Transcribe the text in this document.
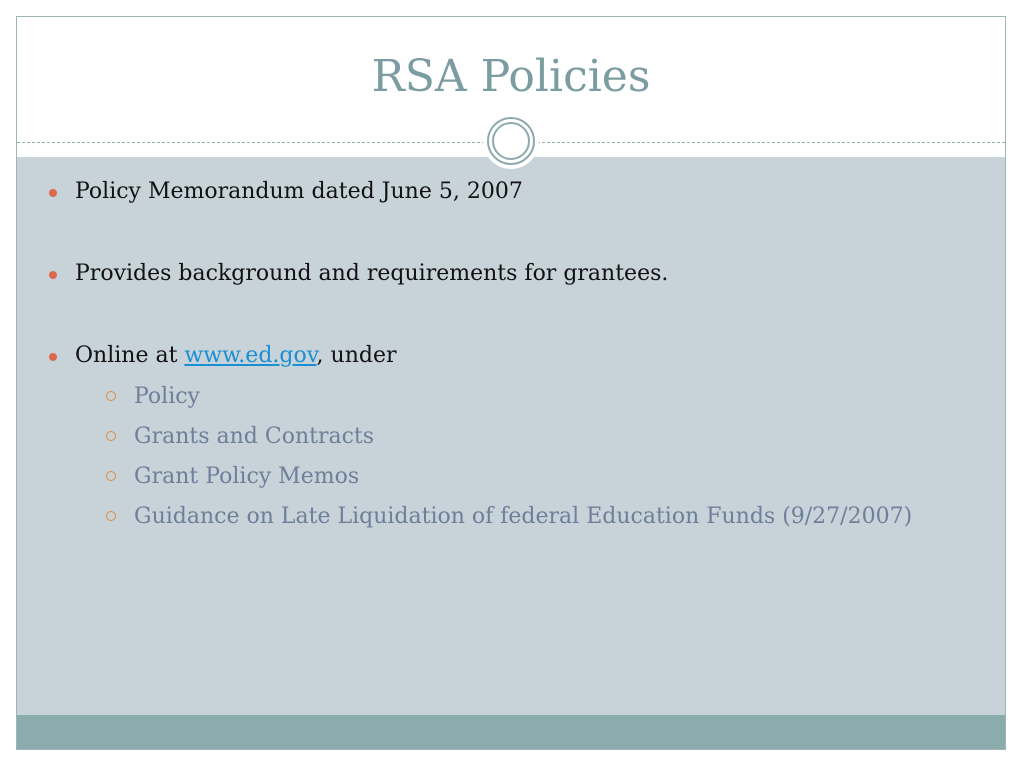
RSA Policies
Policy Memorandum dated June 5, 2007
Provides background and requirements for grantees.
Online at www.ed.gov, under
Policy
Grants and Contracts
Grant Policy Memos
Guidance on Late Liquidation of federal Education Funds (9/27/2007)
